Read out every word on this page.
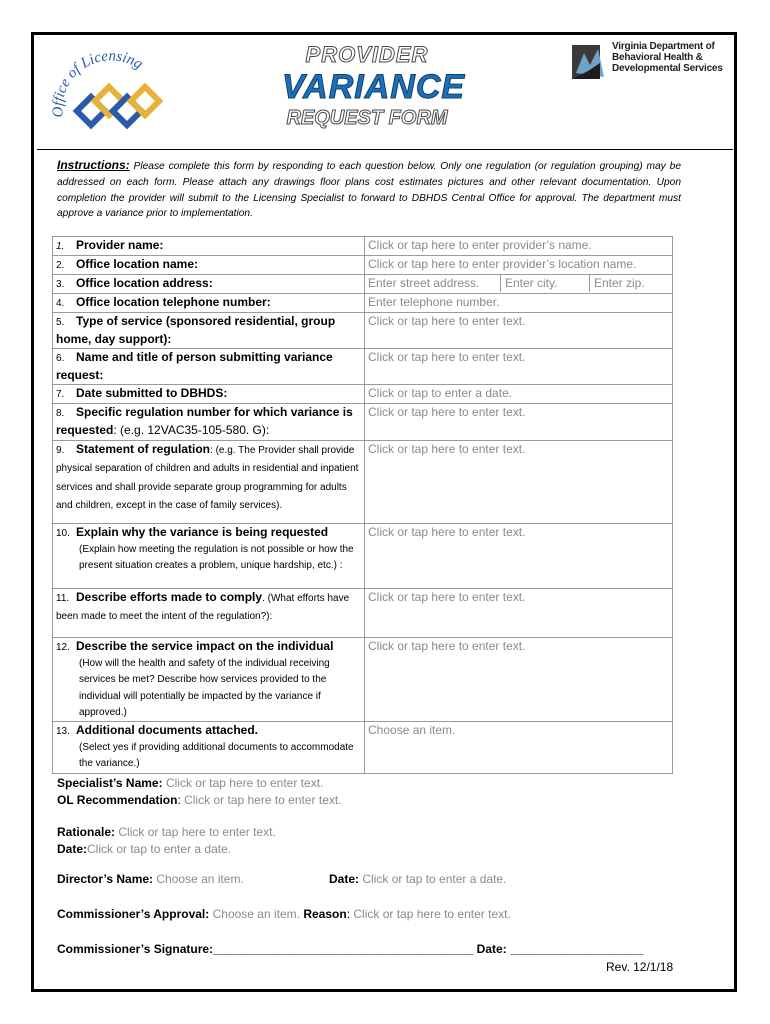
Office of Licensing	PROVIDER
VARIANCE
REQUEST FORM
Virginia Department of
Behavioral Health &
Developmental Services
Instructions: Please complete this form by responding to each question below. Only one regulation (or regulation grouping) may be addressed on each form. Please attach any drawings floor plans cost estimates pictures and other relevant documentation. Upon completion the provider will submit to the Licensing Specialist to forward to DBHDS Central Office for approval. The department must approve a variance prior to implementation.
1. Provider name:	Click or tap here to enter provider’s name.
2. Office location name:	Click or tap here to enter provider’s location name.
3. Office location address:	Enter street address. Enter city. Enter zip.

4. Office location telephone number:	Enter telephone number.
5. Type of service (sponsored residential, group home, day support):	Click or tap here to enter text.
6. Name and title of person submitting variance request:	Click or tap here to enter text.
7. Date submitted to DBHDS:	Click or tap to enter a date.
8. Specific regulation number for which variance is requested: (e.g. 12VAC35-105-580. G):	Click or tap here to enter text.
9. Statement of regulation: (e.g. The Provider shall provide physical separation of children and adults in residential and inpatient services and shall provide separate group programming for adults and children, except in the case of family services).	Click or tap here to enter text.
10. Explain why the variance is being requested
(Explain how meeting the regulation is not possible or how the present situation creates a problem, unique hardship, etc.) :	Click or tap here to enter text.
11. Describe efforts made to comply. (What efforts have been made to meet the intent of the regulation?):	Click or tap here to enter text.
12. Describe the service impact on the individual
(How will the health and safety of the individual receiving services be met? Describe how services provided to the individual will potentially be impacted by the variance if approved.)	Click or tap here to enter text.
13. Additional documents attached.
(Select yes if providing additional documents to accommodate the variance.)	Choose an item.
Specialist’s Name: Click or tap here to enter text.
OL Recommendation: Click or tap here to enter text.
Rationale: Click or tap here to enter text.
Date:Click or tap to enter a date.
Director’s Name: Choose an item.	Date: Click or tap to enter a date.
Commissioner’s Approval: Choose an item. Reason: Click or tap here to enter text.
Commissioner’s Signature:_______________________________________ Date: ____________________
Rev. 12/1/18
